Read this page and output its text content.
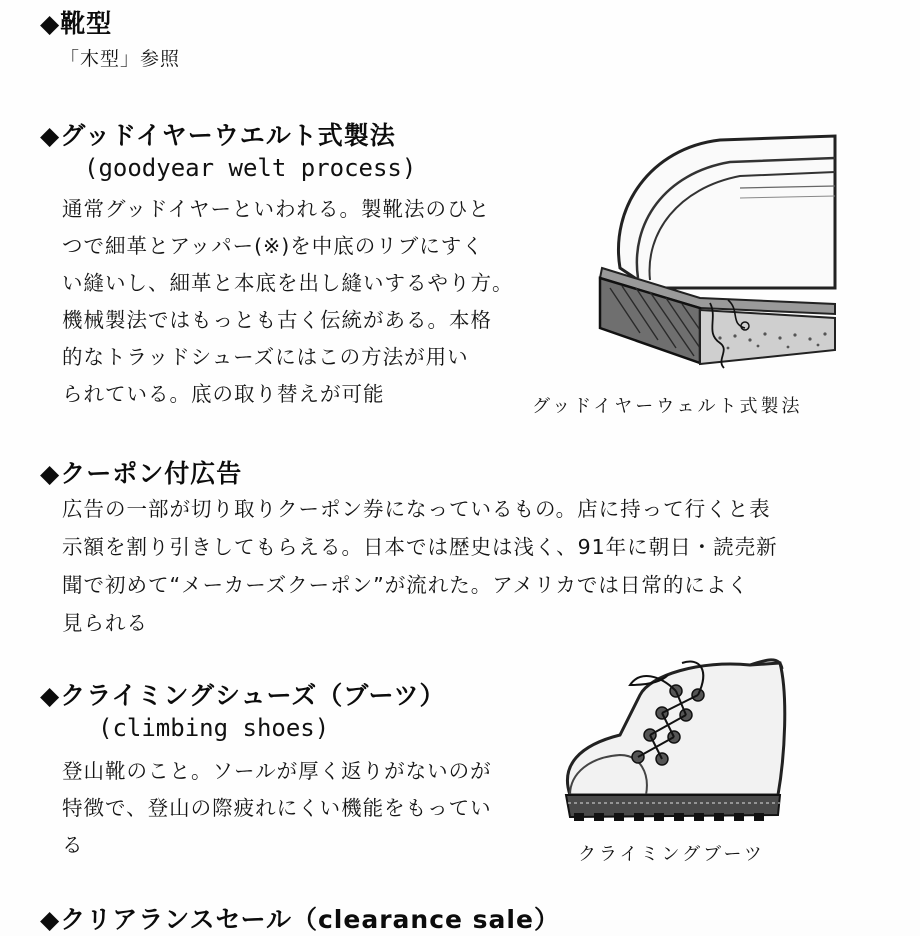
◆靴型
「木型」参照
◆グッドイヤーウエルト式製法
(goodyear welt process)
通常グッドイヤーといわれる。製靴法のひと
つで細革とアッパー(※)を中底のリブにすく
い縫いし、細革と本底を出し縫いするやり方。
機械製法ではもっとも古く伝統がある。本格
的なトラッドシューズにはこの方法が用い
られている。底の取り替えが可能
グッドイヤーウェルト式製法
◆クーポン付広告
広告の一部が切り取りクーポン券になっているもの。店に持って行くと表
示額を割り引きしてもらえる。日本では歴史は浅く、91年に朝日・読売新
聞で初めて“メーカーズクーポン”が流れた。アメリカでは日常的によく
見られる
◆クライミングシューズ（ブーツ）
(climbing shoes)
登山靴のこと。ソールが厚く返りがないのが
特徴で、登山の際疲れにくい機能をもってい
る	クライミングブーツ
◆クリアランスセール（clearance sale）
